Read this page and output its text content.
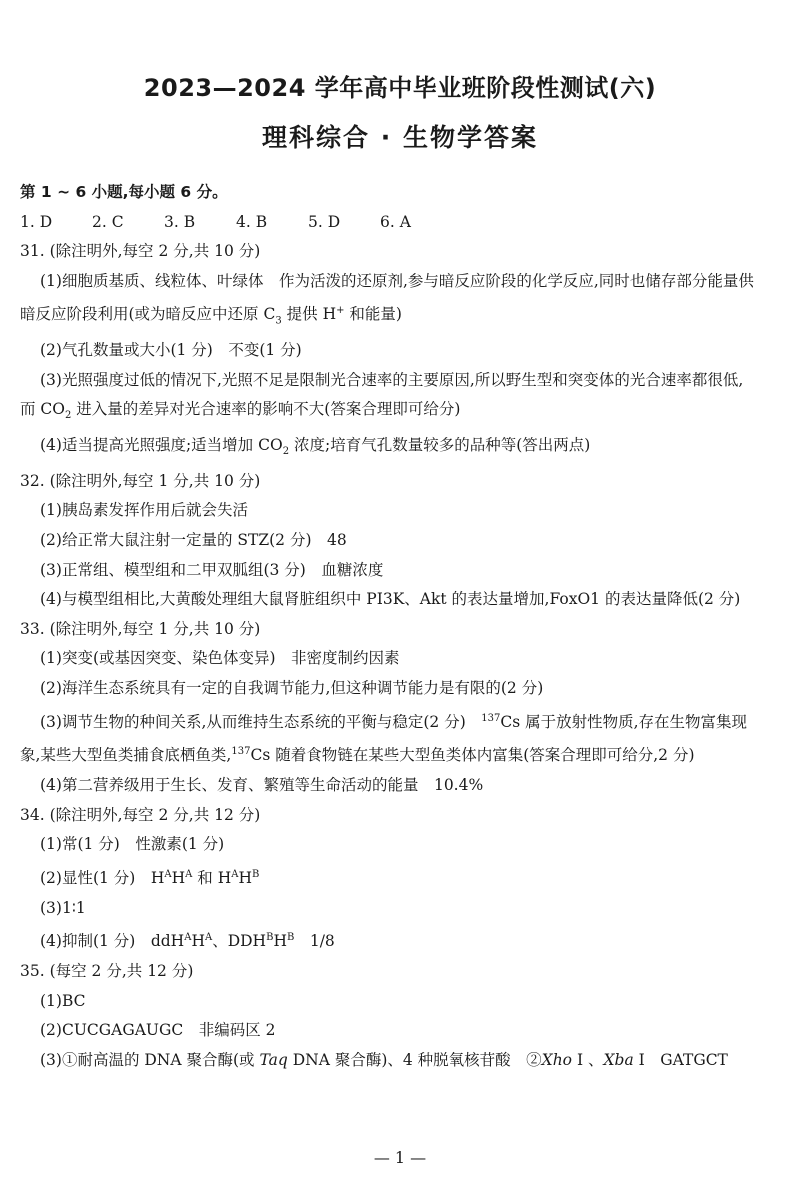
2023—2024 学年高中毕业班阶段性测试(六)
理科综合 · 生物学答案
第 1 ~ 6 小题,每小题 6 分。
1. D	2. C	3. B	4. B	5. D	6. A
31. (除注明外,每空 2 分,共 10 分)
(1)细胞质基质、线粒体、叶绿体　作为活泼的还原剂,参与暗反应阶段的化学反应,同时也储存部分能量供
暗反应阶段利用(或为暗反应中还原 $C_3$ 提供 H+ 和能量)
(2)气孔数量或大小(1 分)　不变(1 分)
(3)光照强度过低的情况下,光照不足是限制光合速率的主要原因,所以野生型和突变体的光合速率都很低,
而 $CO_2$ 进入量的差异对光合速率的影响不大(答案合理即可给分)
(4)适当提高光照强度;适当增加 $CO_2$ 浓度;培育气孔数量较多的品种等(答出两点)
32. (除注明外,每空 1 分,共 10 分)
(1)胰岛素发挥作用后就会失活
(2)给正常大鼠注射一定量的 STZ(2 分)　48
(3)正常组、模型组和二甲双胍组(3 分)　血糖浓度
(4)与模型组相比,大黄酸处理组大鼠肾脏组织中 PI3K、Akt 的表达量增加,FoxO1 的表达量降低(2 分)
33. (除注明外,每空 1 分,共 10 分)
(1)突变(或基因突变、染色体变异)　非密度制约因素
(2)海洋生态系统具有一定的自我调节能力,但这种调节能力是有限的(2 分)
(3)调节生物的种间关系,从而维持生态系统的平衡与稳定(2 分)　$^{137}$Cs 属于放射性物质,存在生物富集现
象,某些大型鱼类捕食底栖鱼类,$^{137}$Cs 随着食物链在某些大型鱼类体内富集(答案合理即可给分,2 分)
(4)第二营养级用于生长、发育、繁殖等生命活动的能量　10.4%
34. (除注明外,每空 2 分,共 12 分)
(1)常(1 分)　性激素(1 分)
(2)显性(1 分)　$H^AH^A$ 和 $H^AH^B$
(3)1∶1
(4)抑制(1 分)　$ddH^AH^A$、$DDH^BH^B$　1/8
35. (每空 2 分,共 12 分)
(1)BC
(2)CUCGAGAUGC　非编码区 2
(3)①耐高温的 DNA 聚合酶(或 Taq DNA 聚合酶)、4 种脱氧核苷酸　②Xho Ⅰ 、Xba Ⅰ　GATGCT
— 1 —
